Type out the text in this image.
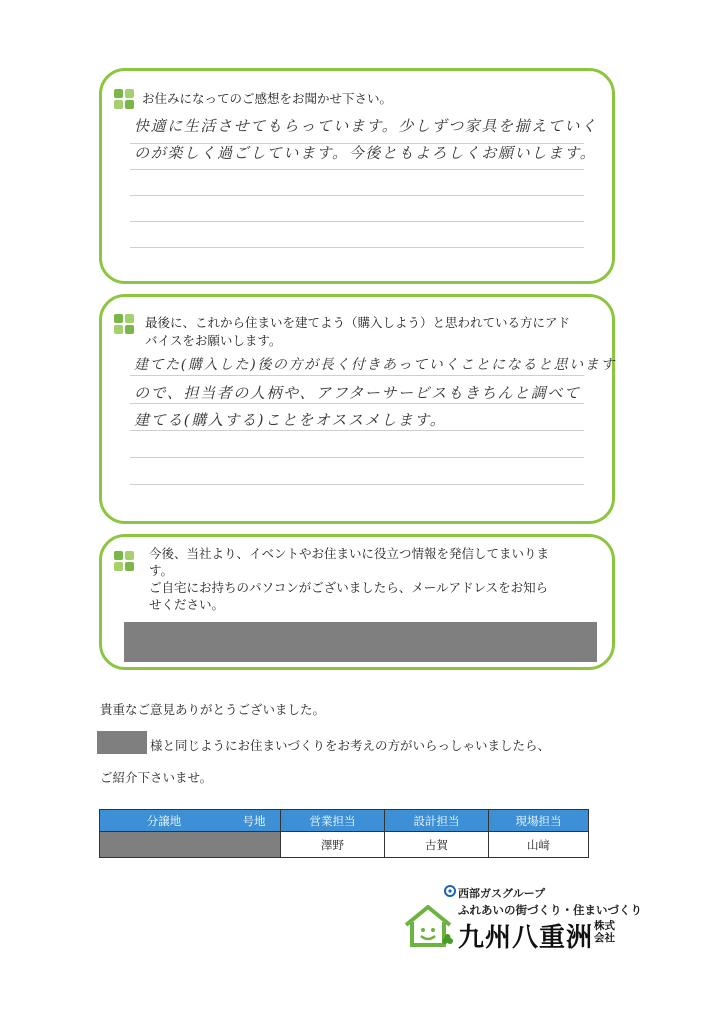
お住みになってのご感想をお聞かせ下さい。
快適に生活させてもらっています。少しずつ家具を揃えていく
のが楽しく過ごしています。今後ともよろしくお願いします。
最後に、これから住まいを建てよう（購入しよう）と思われている方にアド
バイスをお願いします。
建てた(購入した)後の方が長く付きあっていくことになると思います
ので、担当者の人柄や、アフターサービスもきちんと調べて
建てる(購入する)ことをオススメします。
今後、当社より、イベントやお住まいに役立つ情報を発信してまいりま
す。
ご自宅にお持ちのパソコンがございましたら、メールアドレスをお知ら
せください。
貴重なご意見ありがとうございました。
様と同じようにお住まいづくりをお考えの方がいらっしゃいましたら、
ご紹介下さいませ。
分譲地	号地	営業担当	設計担当	現場担当
		澤野	古賀	山﨑
西部ガスグループ
ふれあいの街づくり・住まいづくり
九州八重洲 株式会社
